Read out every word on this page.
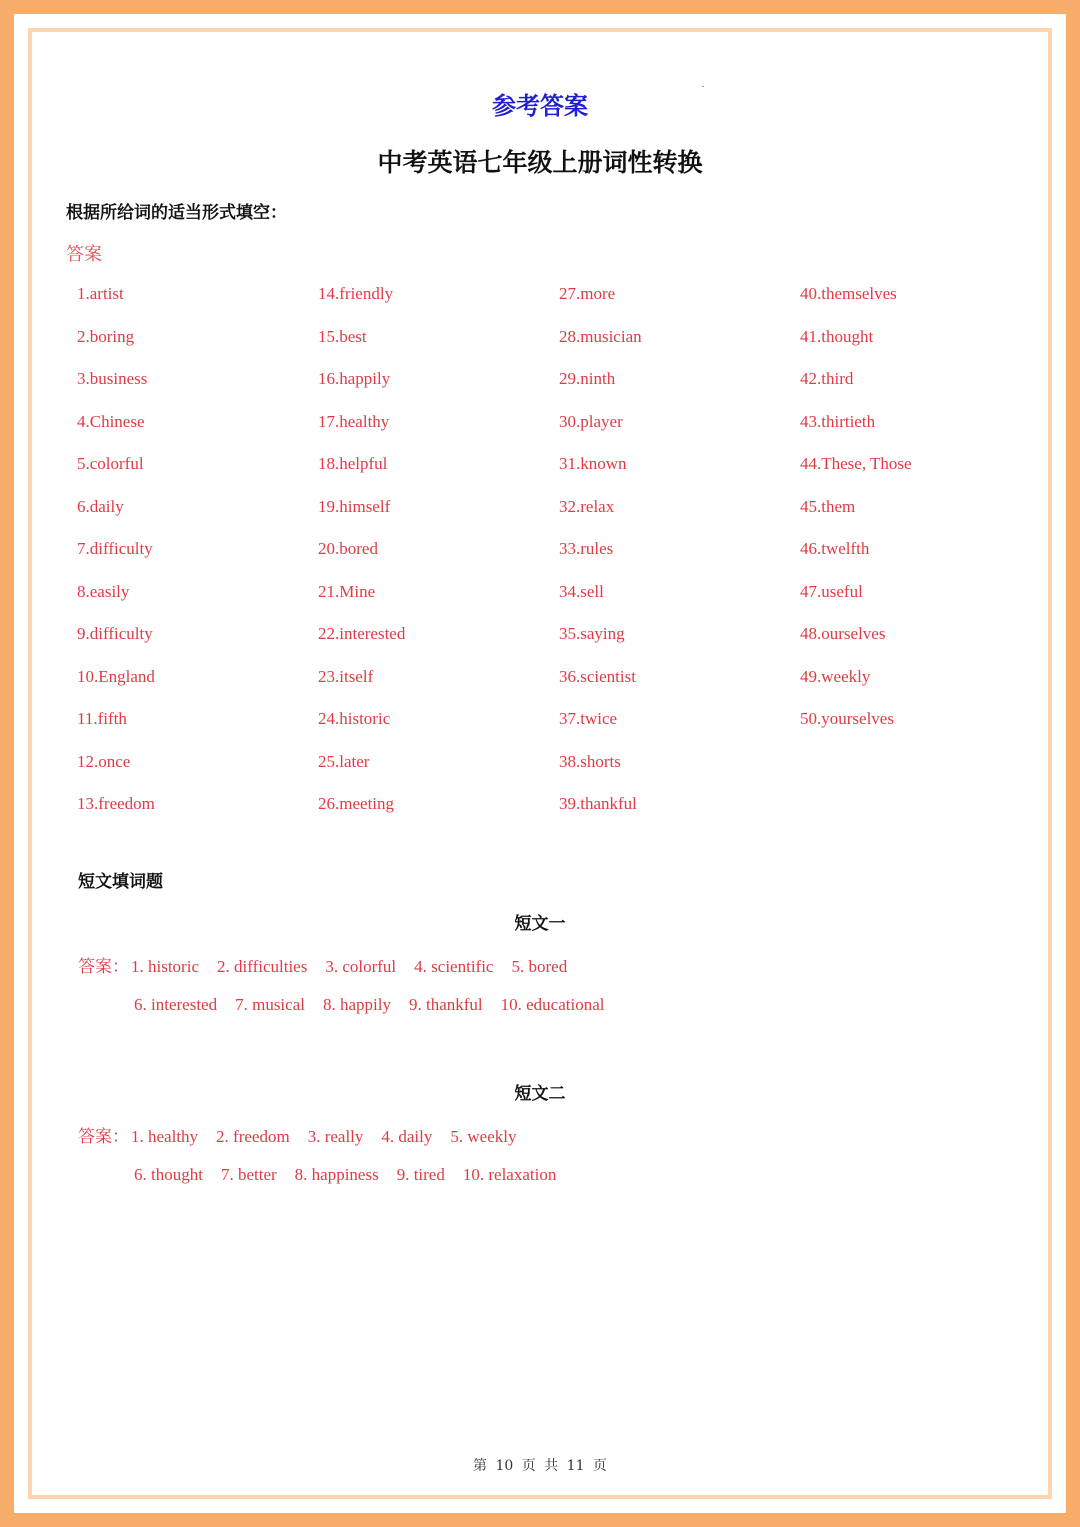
参考答案
中考英语七年级上册词性转换
根据所给词的适当形式填空：
答案
1.artist
2.boring
3.business
4.Chinese
5.colorful
6.daily
7.difficulty
8.easily
9.difficulty
10.England
11.fifth
12.once
13.freedom
14.friendly
15.best
16.happily
17.healthy
18.helpful
19.himself
20.bored
21.Mine
22.interested
23.itself
24.historic
25.later
26.meeting
27.more
28.musician
29.ninth
30.player
31.known
32.relax
33.rules
34.sell
35.saying
36.scientist
37.twice
38.shorts
39.thankful
40.themselves
41.thought
42.third
43.thirtieth
44.These, Those
45.them
46.twelfth
47.useful
48.ourselves
49.weekly
50.yourselves
短文填词题
短文一
答案： 1. historic 2. difficulties 3. colorful 4. scientific 5. bored
6. interested 7. musical 8. happily 9. thankful 10. educational
短文二
答案： 1. healthy 2. freedom 3. really 4. daily 5. weekly
6. thought 7. better 8. happiness 9. tired 10. relaxation
第 10 页 共 11 页
